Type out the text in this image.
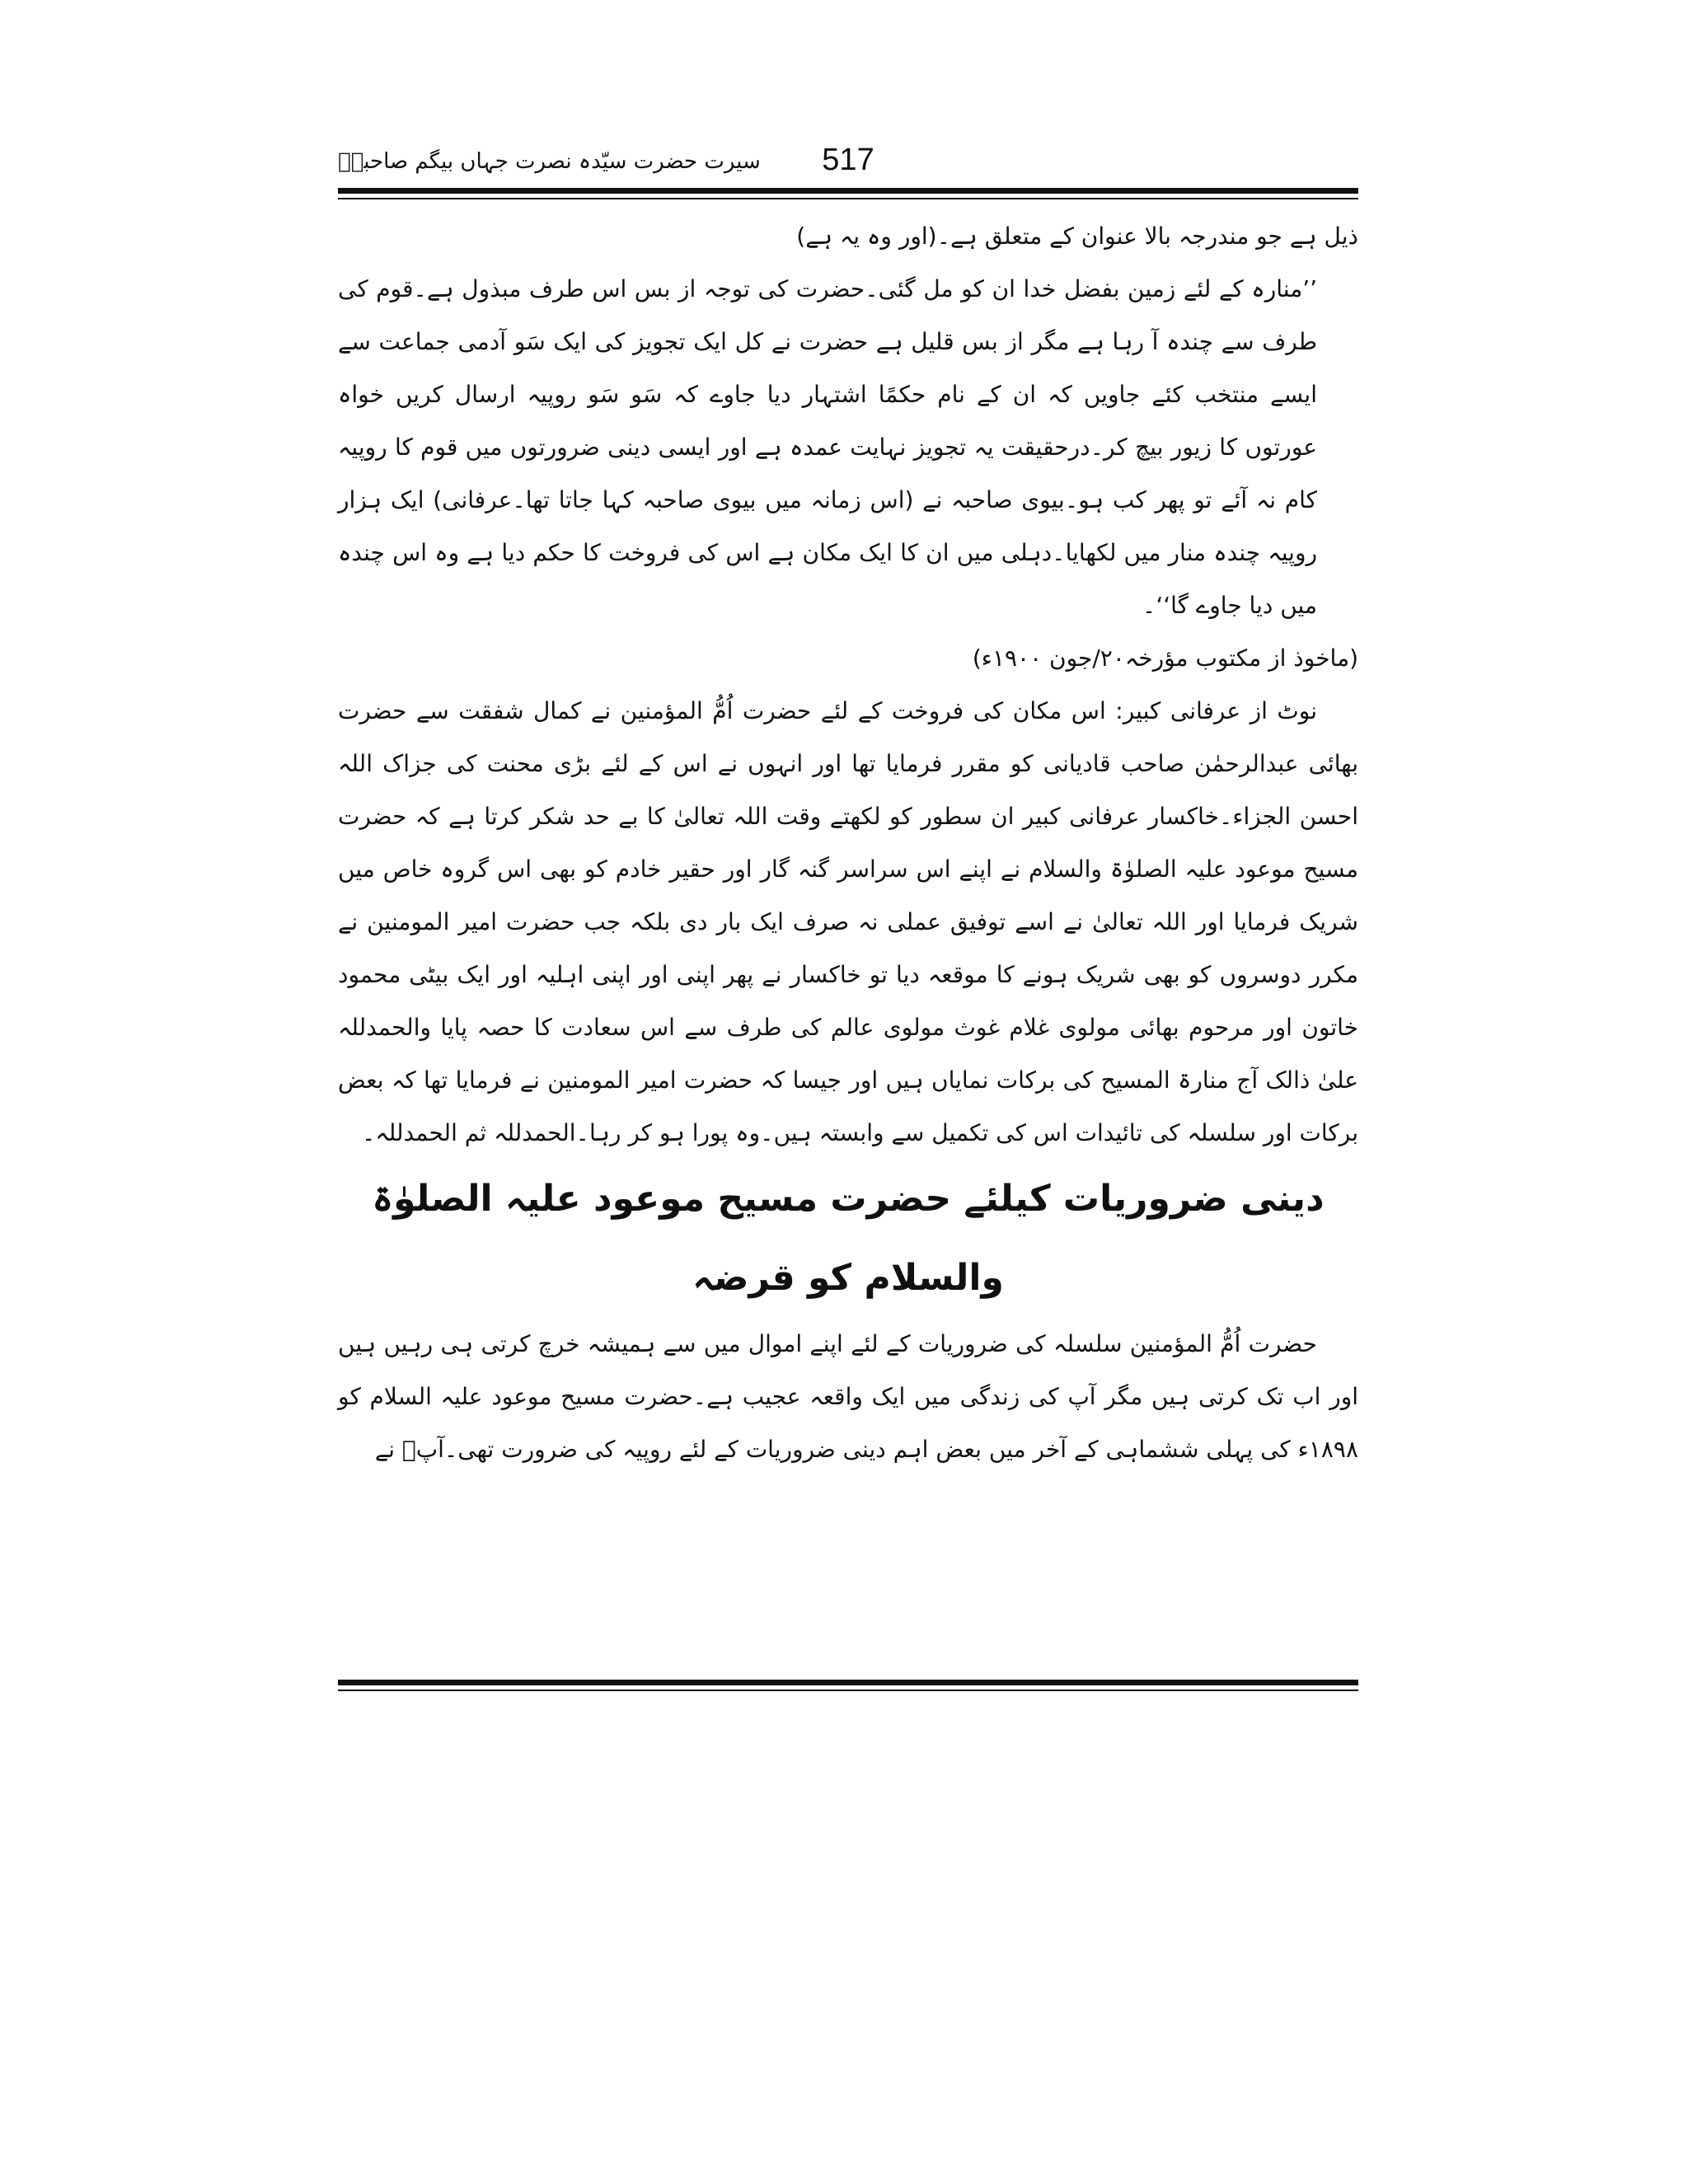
سیرت حضرت سیّدہ نصرت جہاں بیگم صاحبہؓ	517

ذیل ہے جو مندرجہ بالا عنوان کے متعلق ہے۔(اور وہ یہ ہے)

’’منارہ کے لئے زمین بفضل خدا ان کو مل گئی۔حضرت کی توجہ از بس اس طرف مبذول ہے۔قوم کی طرف سے چندہ آ رہا ہے مگر از بس قلیل ہے حضرت نے کل ایک تجویز کی ایک سَو آدمی جماعت سے ایسے منتخب کئے جاویں کہ ان کے نام حکمًا اشتہار دیا جاوے کہ سَو سَو روپیہ ارسال کریں خواہ عورتوں کا زیور بیچ کر۔درحقیقت یہ تجویز نہایت عمدہ ہے اور ایسی دینی ضرورتوں میں قوم کا روپیہ کام نہ آئے تو پھر کب ہو۔بیوی صاحبہ نے (اس زمانہ میں بیوی صاحبہ کہا جاتا تھا۔عرفانی) ایک ہزار روپیہ چندہ منار میں لکھایا۔دہلی میں ان کا ایک مکان ہے اس کی فروخت کا حکم دیا ہے وہ اس چندہ میں دیا جاوے گا‘‘۔

(ماخوذ از مکتوب مؤرخہ۲۰/جون ۱۹۰۰ء)

نوٹ از عرفانی کبیر: اس مکان کی فروخت کے لئے حضرت اُمُّ المؤمنین نے کمال شفقت سے حضرت بھائی عبدالرحمٰن صاحب قادیانی کو مقرر فرمایا تھا اور انہوں نے اس کے لئے بڑی محنت کی جزاک اللہ احسن الجزاء۔خاکسار عرفانی کبیر ان سطور کو لکھتے وقت اللہ تعالیٰ کا بے حد شکر کرتا ہے کہ حضرت مسیح موعود علیہ الصلوٰۃ والسلام نے اپنے اس سراسر گنہ گار اور حقیر خادم کو بھی اس گروہ خاص میں شریک فرمایا اور اللہ تعالیٰ نے اسے توفیق عملی نہ صرف ایک بار دی بلکہ جب حضرت امیر المومنین نے مکرر دوسروں کو بھی شریک ہونے کا موقعہ دیا تو خاکسار نے پھر اپنی اور اپنی اہلیہ اور ایک بیٹی محمود خاتون اور مرحوم بھائی مولوی غلام غوث مولوی عالم کی طرف سے اس سعادت کا حصہ پایا والحمدللہ علیٰ ذالک آج منارۃ المسیح کی برکات نمایاں ہیں اور جیسا کہ حضرت امیر المومنین نے فرمایا تھا کہ بعض برکات اور سلسلہ کی تائیدات اس کی تکمیل سے وابستہ ہیں۔وہ پورا ہو کر رہا۔الحمدللہ ثم الحمدللہ۔

دینی ضروریات کیلئے حضرت مسیح موعود علیہ الصلوٰۃ والسلام کو قرضہ

حضرت اُمُّ المؤمنین سلسلہ کی ضروریات کے لئے اپنے اموال میں سے ہمیشہ خرچ کرتی ہی رہیں ہیں اور اب تک کرتی ہیں مگر آپ کی زندگی میں ایک واقعہ عجیب ہے۔حضرت مسیح موعود علیہ السلام کو ۱۸۹۸ء کی پہلی ششماہی کے آخر میں بعض اہم دینی ضروریات کے لئے روپیہ کی ضرورت تھی۔آپؑ نے
